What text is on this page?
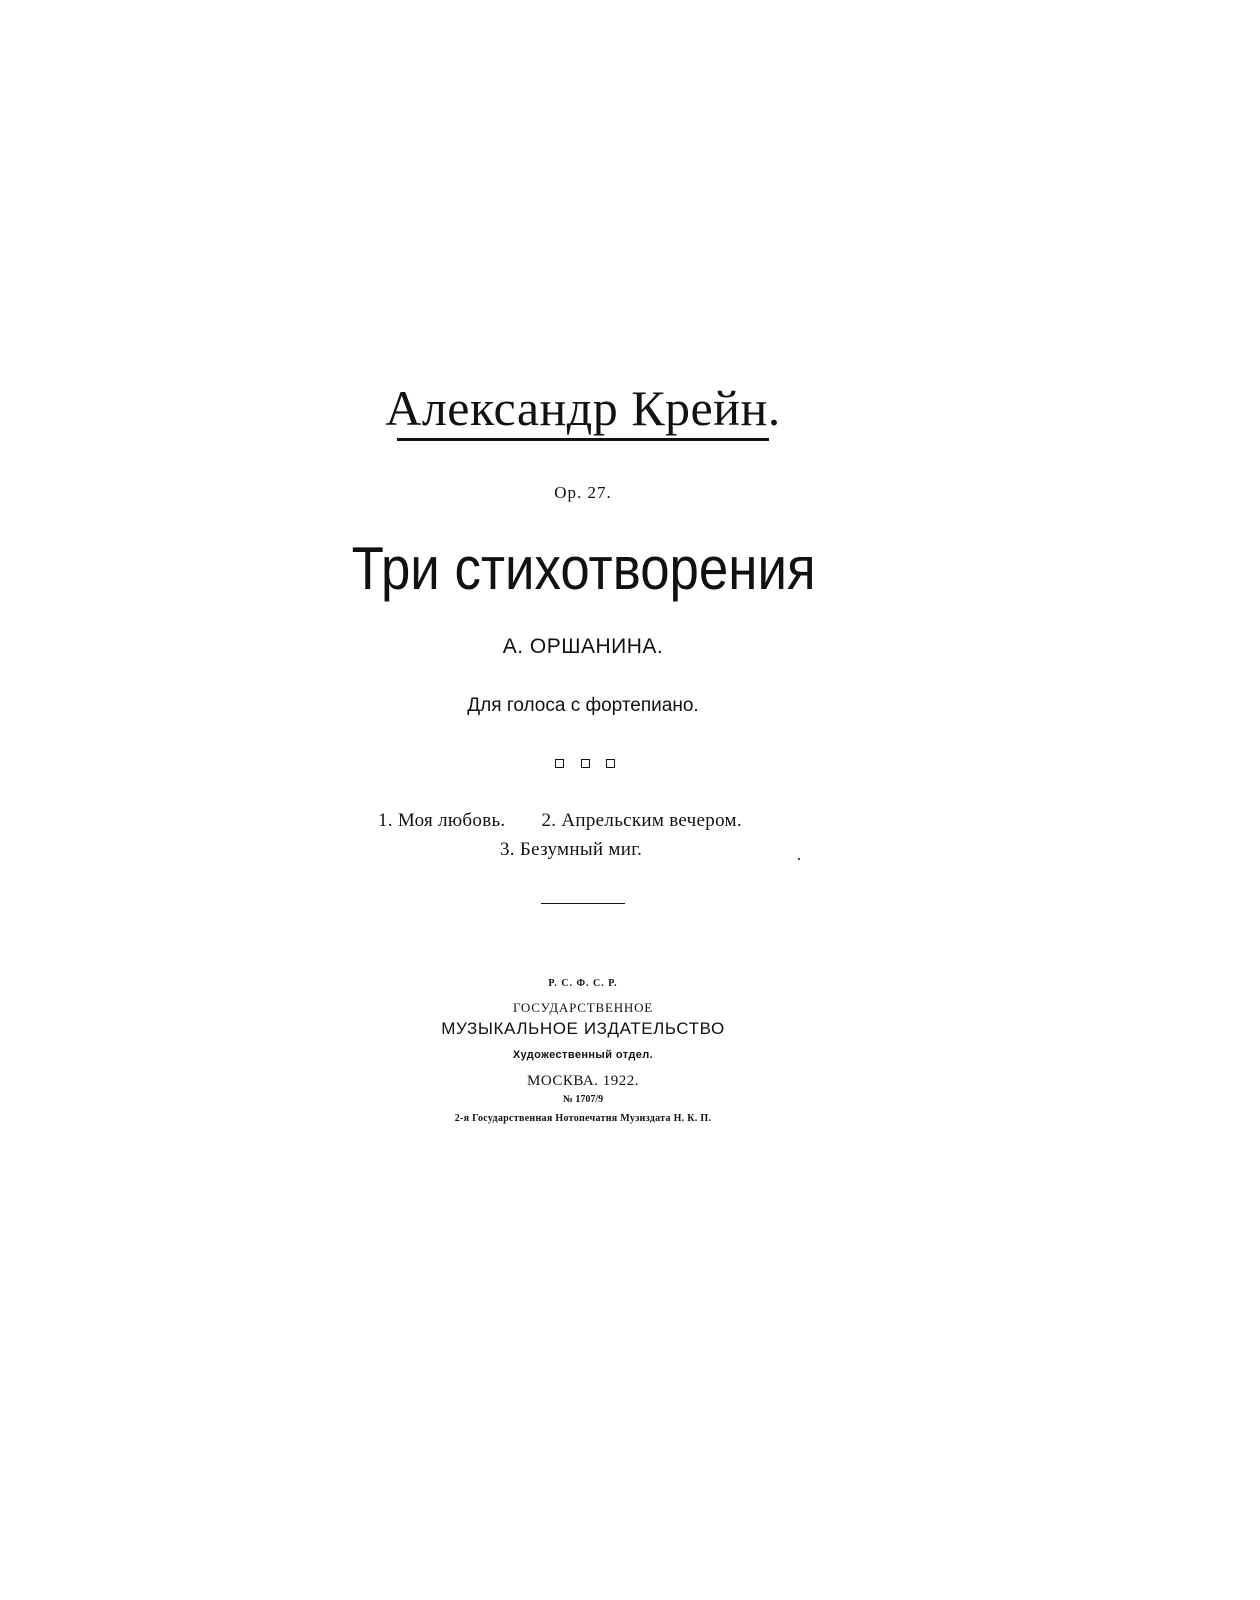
Александр Крейн.
Op. 27.
Три стихотворения
А. ОРШАНИНА.
Для голоса с фортепиано.
1. Моя любовь. 2. Апрельским вечером.
3. Безумный миг.
Р. С. Ф. С. Р.
ГОСУДАРСТВЕННОЕ
МУЗЫКАЛЬНОЕ ИЗДАТЕЛЬСТВО
Художественный отдел.
МОСКВА. 1922.
№ 1707/9
2-я Государственная Нотопечатня Музиздата Н. К. П.
